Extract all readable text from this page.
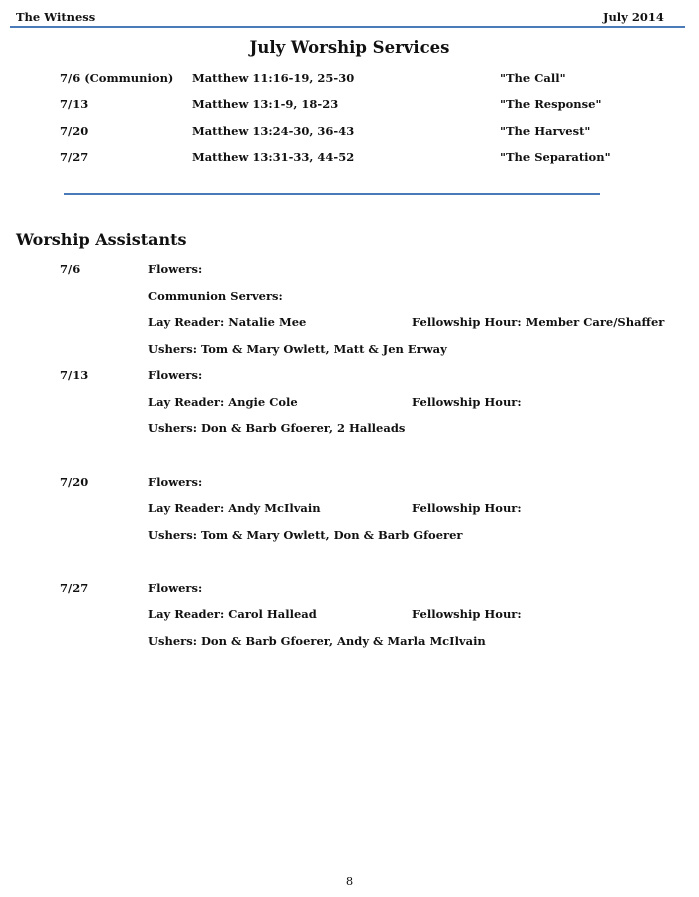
The Witness	July 2014
July Worship Services
7/6 (Communion) Matthew 11:16-19, 25-30	"The Call"
7/13	Matthew 13:1-9, 18-23	"The Response"
7/20	Matthew 13:24-30, 36-43	"The Harvest"
7/27	Matthew 13:31-33, 44-52	"The Separation"
Worship Assistants
7/6	Flowers:
Communion Servers:
Lay Reader: Natalie Mee	Fellowship Hour: Member Care/Shaffer
Ushers: Tom & Mary Owlett, Matt & Jen Erway
7/13	Flowers:
Lay Reader: Angie Cole	Fellowship Hour:
Ushers: Don & Barb Gfoerer, 2 Halleads
7/20	Flowers:
Lay Reader: Andy McIlvain	Fellowship Hour:
Ushers: Tom & Mary Owlett, Don & Barb Gfoerer
7/27	Flowers:
Lay Reader: Carol Hallead	Fellowship Hour:
Ushers: Don & Barb Gfoerer, Andy & Marla McIlvain
8
